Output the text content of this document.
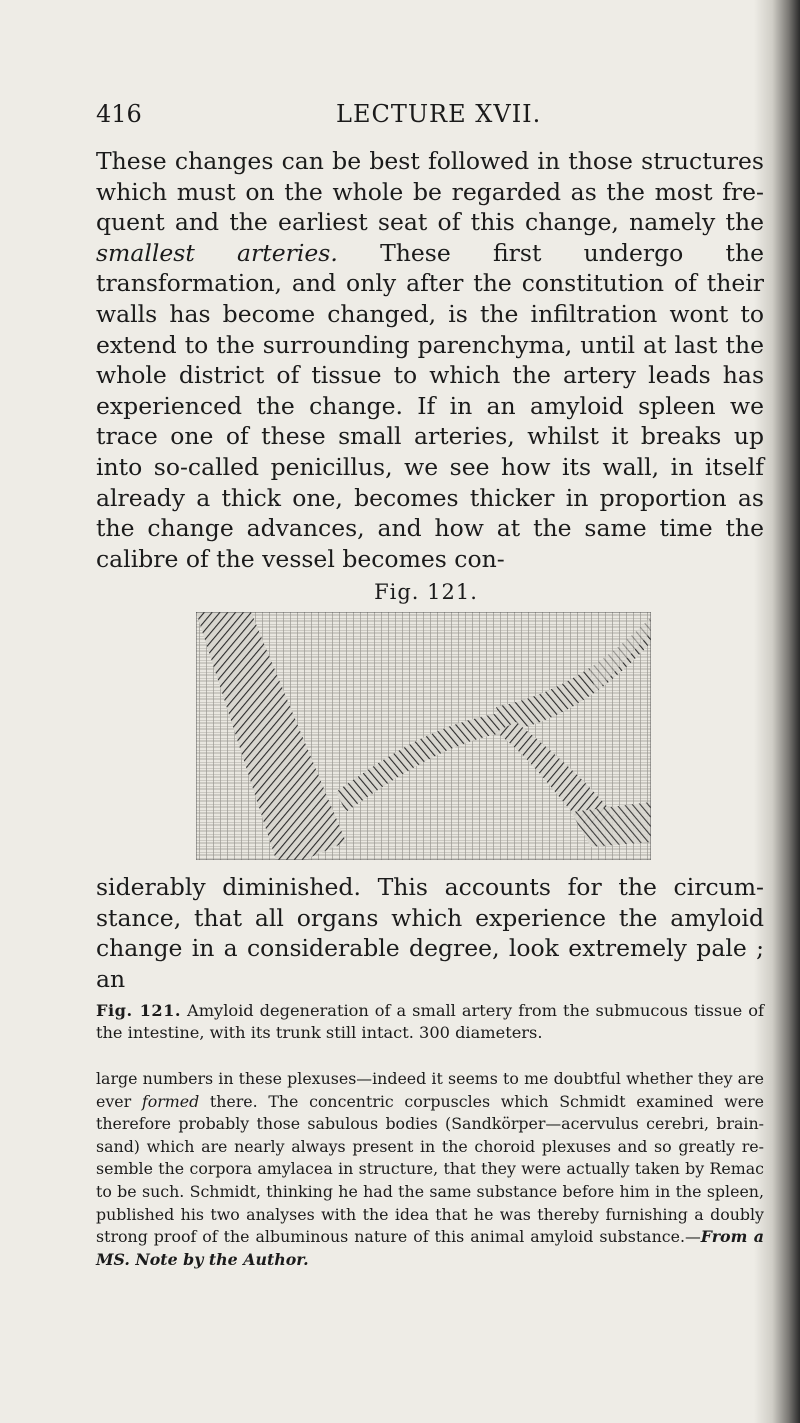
416	LECTURE XVII.

These changes can be best followed in those structures which must on the whole be regarded as the most frequent and the earliest seat of this change, namely the smallest arteries. These first undergo the transformation, and only after the constitution of their walls has become changed, is the infiltration wont to extend to the surrounding parenchyma, until at last the whole district of tissue to which the artery leads has experienced the change. If in an amyloid spleen we trace one of these small arteries, whilst it breaks up into so-called penicillus, we see how its wall, in itself already a thick one, becomes thicker in proportion as the change advances, and how at the same time the calibre of the vessel becomes con-

Fig. 121.

siderably diminished. This accounts for the circumstance, that all organs which experience the amyloid change in a considerable degree, look extremely pale ; an

Fig. 121. Amyloid degeneration of a small artery from the submucous tissue of the intestine, with its trunk still intact. 300 diameters.

large numbers in these plexuses—indeed it seems to me doubtful whether they are ever formed there. The concentric corpuscles which Schmidt examined were therefore probably those sabulous bodies (Sandkörper—acervulus cerebri, brain-sand) which are nearly always present in the choroid plexuses and so greatly resemble the corpora amylacea in structure, that they were actually taken by Remac to be such. Schmidt, thinking he had the same substance before him in the spleen, published his two analyses with the idea that he was thereby furnishing a doubly strong proof of the albuminous nature of this animal amyloid substance.—From a MS. Note by the Author.
